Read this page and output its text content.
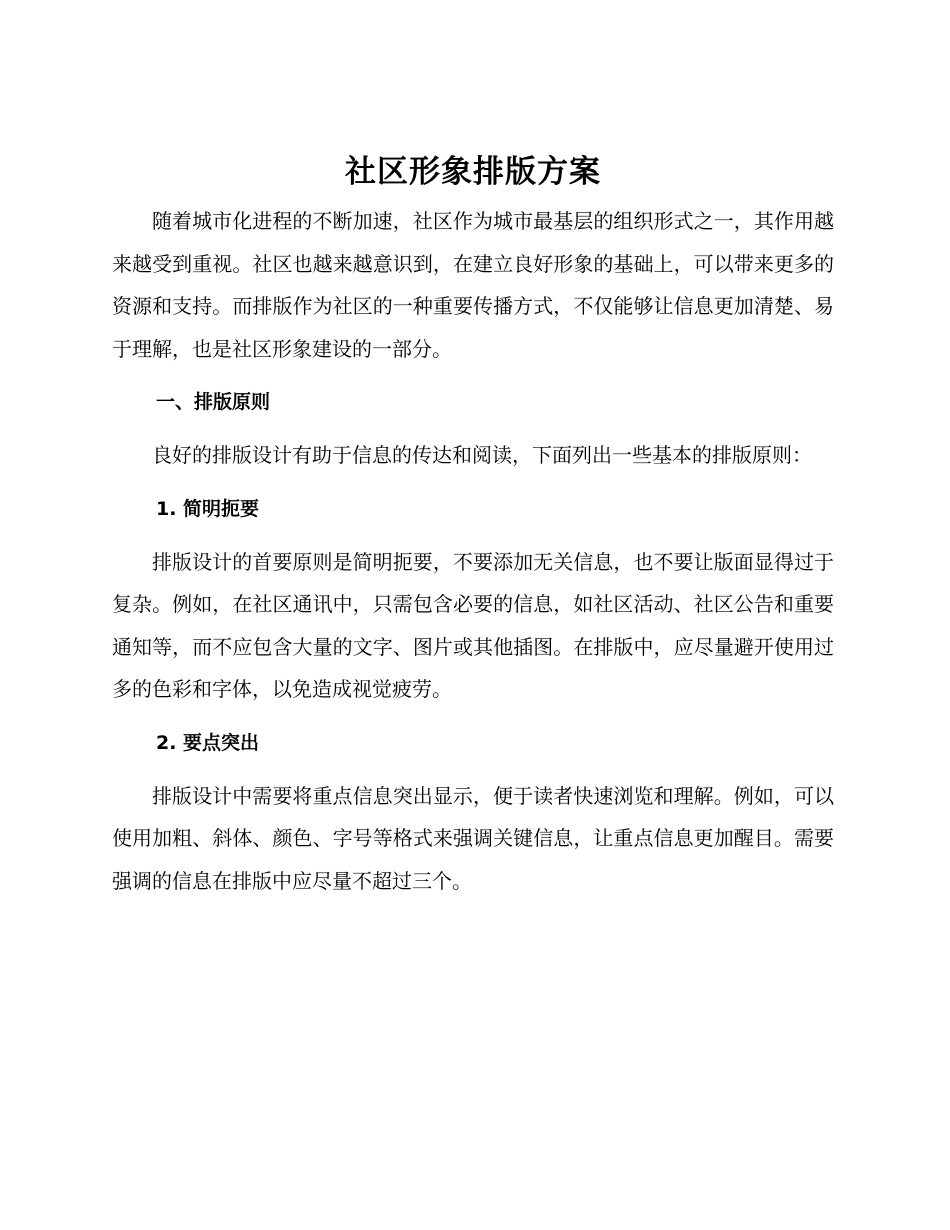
社区形象排版方案

随着城市化进程的不断加速，社区作为城市最基层的组织形式之一，其作用越来越受到重视。社区也越来越意识到，在建立良好形象的基础上，可以带来更多的资源和支持。而排版作为社区的一种重要传播方式，不仅能够让信息更加清楚、易于理解，也是社区形象建设的一部分。

一、排版原则

良好的排版设计有助于信息的传达和阅读，下面列出一些基本的排版原则：

1. 简明扼要

排版设计的首要原则是简明扼要，不要添加无关信息，也不要让版面显得过于复杂。例如，在社区通讯中，只需包含必要的信息，如社区活动、社区公告和重要通知等，而不应包含大量的文字、图片或其他插图。在排版中，应尽量避开使用过多的色彩和字体，以免造成视觉疲劳。

2. 要点突出

排版设计中需要将重点信息突出显示，便于读者快速浏览和理解。例如，可以使用加粗、斜体、颜色、字号等格式来强调关键信息，让重点信息更加醒目。需要强调的信息在排版中应尽量不超过三个。
